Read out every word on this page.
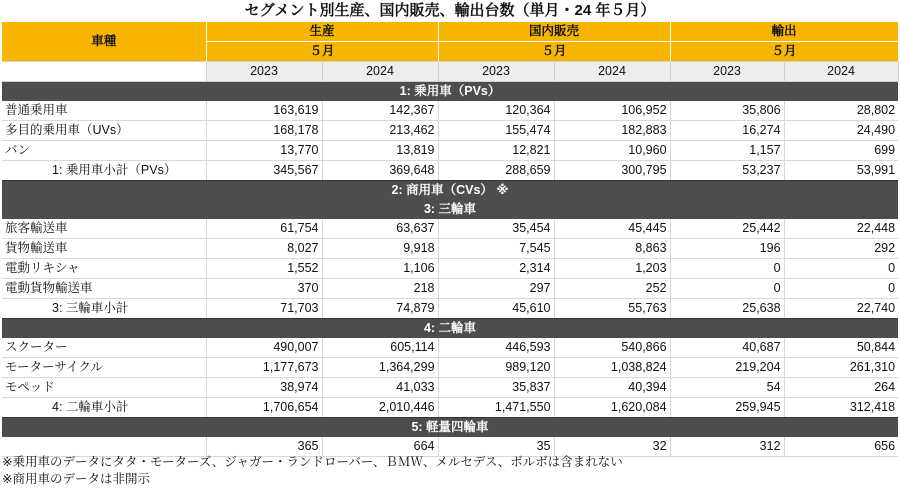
セグメント別生産、国内販売、輸出台数（単月・24 年５月）
車種	生産		国内販売		輸出	
	５月		５月		５月	
	2023	2024	2023	2024	2023	2024
1: 乗用車（PVs）						
普通乗用車	163,619	142,367	120,364	106,952	35,806	28,802
多目的乗用車（UVs）	168,178	213,462	155,474	182,883	16,274	24,490
バン	13,770	13,819	12,821	10,960	1,157	699
1: 乗用車小計（PVs）	345,567	369,648	288,659	300,795	53,237	53,991
2: 商用車（CVs） ※						
3: 三輪車						
旅客輸送車	61,754	63,637	35,454	45,445	25,442	22,448
貨物輸送車	8,027	9,918	7,545	8,863	196	292
電動リキシャ	1,552	1,106	2,314	1,203	0	0
電動貨物輸送車	370	218	297	252	0	0
3: 三輪車小計	71,703	74,879	45,610	55,763	25,638	22,740
4: 二輪車						
スクーター	490,007	605,114	446,593	540,866	40,687	50,844
モーターサイクル	1,177,673	1,364,299	989,120	1,038,824	219,204	261,310
モペッド	38,974	41,033	35,837	40,394	54	264
4: 二輪車小計	1,706,654	2,010,446	1,471,550	1,620,084	259,945	312,418
5: 軽量四輪車						
	365	664	35	32	312	656
※乗用車のデータにタタ・モーターズ、ジャガー・ランドローバー、ＢＭＷ、メルセデス、ボルボは含まれない
※商用車のデータは非開示
